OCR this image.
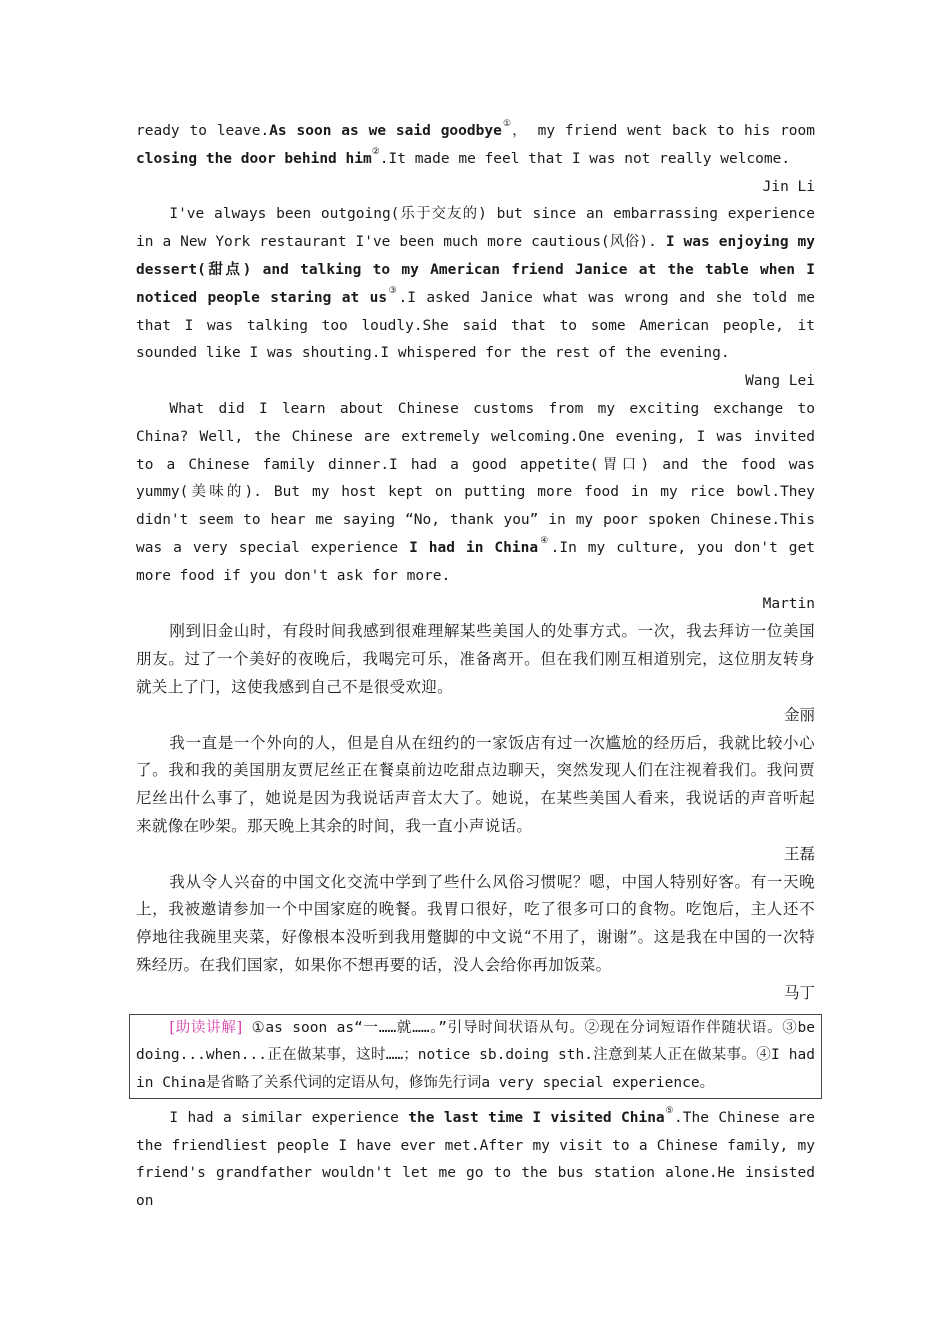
ready to leave.As soon as we said goodbye①， my friend went back to his room closing the door behind him②.It made me feel that I was not really welcome.

Jin Li

I've always been outgoing(乐于交友的) but since an embarrassing experience in a New York restaurant I've been much more cautious(风俗). I was enjoying my dessert(甜点) and talking to my American friend Janice at the table when I noticed people staring at us③.I asked Janice what was wrong and she told me that I was talking too loudly.She said that to some American people, it sounded like I was shouting.I whispered for the rest of the evening.

Wang Lei

What did I learn about Chinese customs from my exciting exchange to China? Well, the Chinese are extremely welcoming.One evening, I was invited to a Chinese family dinner.I had a good appetite(胃口) and the food was yummy(美味的). But my host kept on putting more food in my rice bowl.They didn't seem to hear me saying “No, thank you” in my poor spoken Chinese.This was a very special experience I had in China④.In my culture, you don't get more food if you don't ask for more.

Martin

刚到旧金山时，有段时间我感到很难理解某些美国人的处事方式。一次，我去拜访一位美国朋友。过了一个美好的夜晚后，我喝完可乐，准备离开。但在我们刚互相道别完，这位朋友转身就关上了门，这使我感到自己不是很受欢迎。

金丽

我一直是一个外向的人，但是自从在纽约的一家饭店有过一次尴尬的经历后，我就比较小心了。我和我的美国朋友贾尼丝正在餐桌前边吃甜点边聊天，突然发现人们在注视着我们。我问贾尼丝出什么事了，她说是因为我说话声音太大了。她说，在某些美国人看来，我说话的声音听起来就像在吵架。那天晚上其余的时间，我一直小声说话。

王磊

我从令人兴奋的中国文化交流中学到了些什么风俗习惯呢？嗯，中国人特别好客。有一天晚上，我被邀请参加一个中国家庭的晚餐。我胃口很好，吃了很多可口的食物。吃饱后，主人还不停地往我碗里夹菜，好像根本没听到我用蹩脚的中文说“不用了，谢谢”。这是我在中国的一次特殊经历。在我们国家，如果你不想再要的话，没人会给你再加饭菜。

马丁

[助读讲解] ①as soon as“一……就……。”引导时间状语从句。②现在分词短语作伴随状语。③be doing...when...正在做某事，这时……；notice sb.doing sth.注意到某人正在做某事。④I had in China是省略了关系代词的定语从句，修饰先行词a very special experience。

I had a similar experience the last time I visited China⑤.The Chinese are the friendliest people I have ever met.After my visit to a Chinese family, my friend's grandfather wouldn't let me go to the bus station alone.He insisted on
